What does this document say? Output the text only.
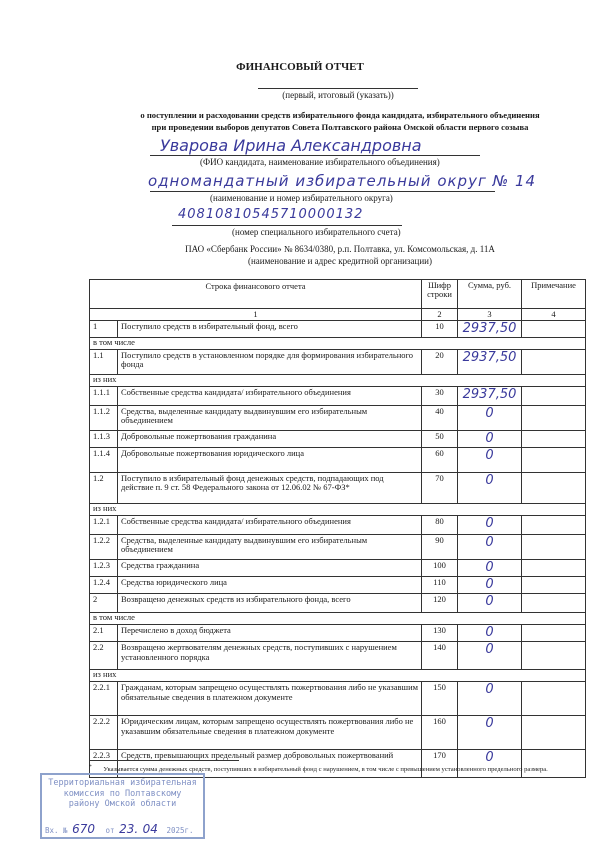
ФИНАНСОВЫЙ ОТЧЕТ
(первый, итоговый (указать))
о поступлении и расходовании средств избирательного фонда кандидата, избирательного объединения
при проведении выборов депутатов Совета Полтавского района Омской области первого созыва
Уварова Ирина Александровна
(ФИО кандидата, наименование избирательного объединения)
одномандатный избирательный округ № 14
(наименование и номер избирательного округа)
40810810545710000132
(номер специального избирательного счета)
ПАО «Сбербанк России» № 8634/0380, р.п. Полтавка, ул. Комсомольская, д. 11А
(наименование и адрес кредитной организации)
Строка финансового отчета		Шифр строки	Сумма, руб.	Примечание
1		2	3	4
1	Поступило средств в избирательный фонд, всего	10	2937,50	

в том числе				
1.1	Поступило средств в установленном порядке для формирования избирательного фонда	20	2937,50	

из них				
1.1.1	Собственные средства кандидата/ избирательного объединения	30	2937,50	

1.1.2	Средства, выделенные кандидату выдвинувшим его избирательным объединением	40	0	

1.1.3	Добровольные пожертвования гражданина	50	0	

1.1.4	Добровольные пожертвования юридического лица	60	0	

1.2	Поступило в избирательный фонд денежных средств, подпадающих под действие п. 9 ст. 58 Федерального закона от 12.06.02 № 67-ФЗ*	70	0	

из них				
1.2.1	Собственные средства кандидата/ избирательного объединения	80	0	

1.2.2	Средства, выделенные кандидату выдвинувшим его избирательным объединением	90	0	

1.2.3	Средства гражданина	100	0	

1.2.4	Средства юридического лица	110	0	

2	Возвращено денежных средств из избирательного фонда, всего	120	0	

в том числе				
2.1	Перечислено в доход бюджета	130	0	

2.2	Возвращено жертвователям денежных средств, поступивших с нарушением установленного порядка	140	0	

из них				
2.2.1	Гражданам, которым запрещено осуществлять пожертвования либо не указавшим обязательные сведения в платежном документе	150	0	

2.2.2	Юридическим лицам, которым запрещено осуществлять пожертвования либо не указавшим обязательные сведения в платежном документе	160	0	

2.2.3	Средств, превышающих предельный размер добровольных пожертвований	170	0	

* Указывается сумма денежных средств, поступивших в избирательный фонд с нарушением, в том числе с превышением установленного предельного размера.
Территориальная избирательная
комиссия по Полтавскому
району Омской области
Вх. № 670 от 23. 04 2025г.
